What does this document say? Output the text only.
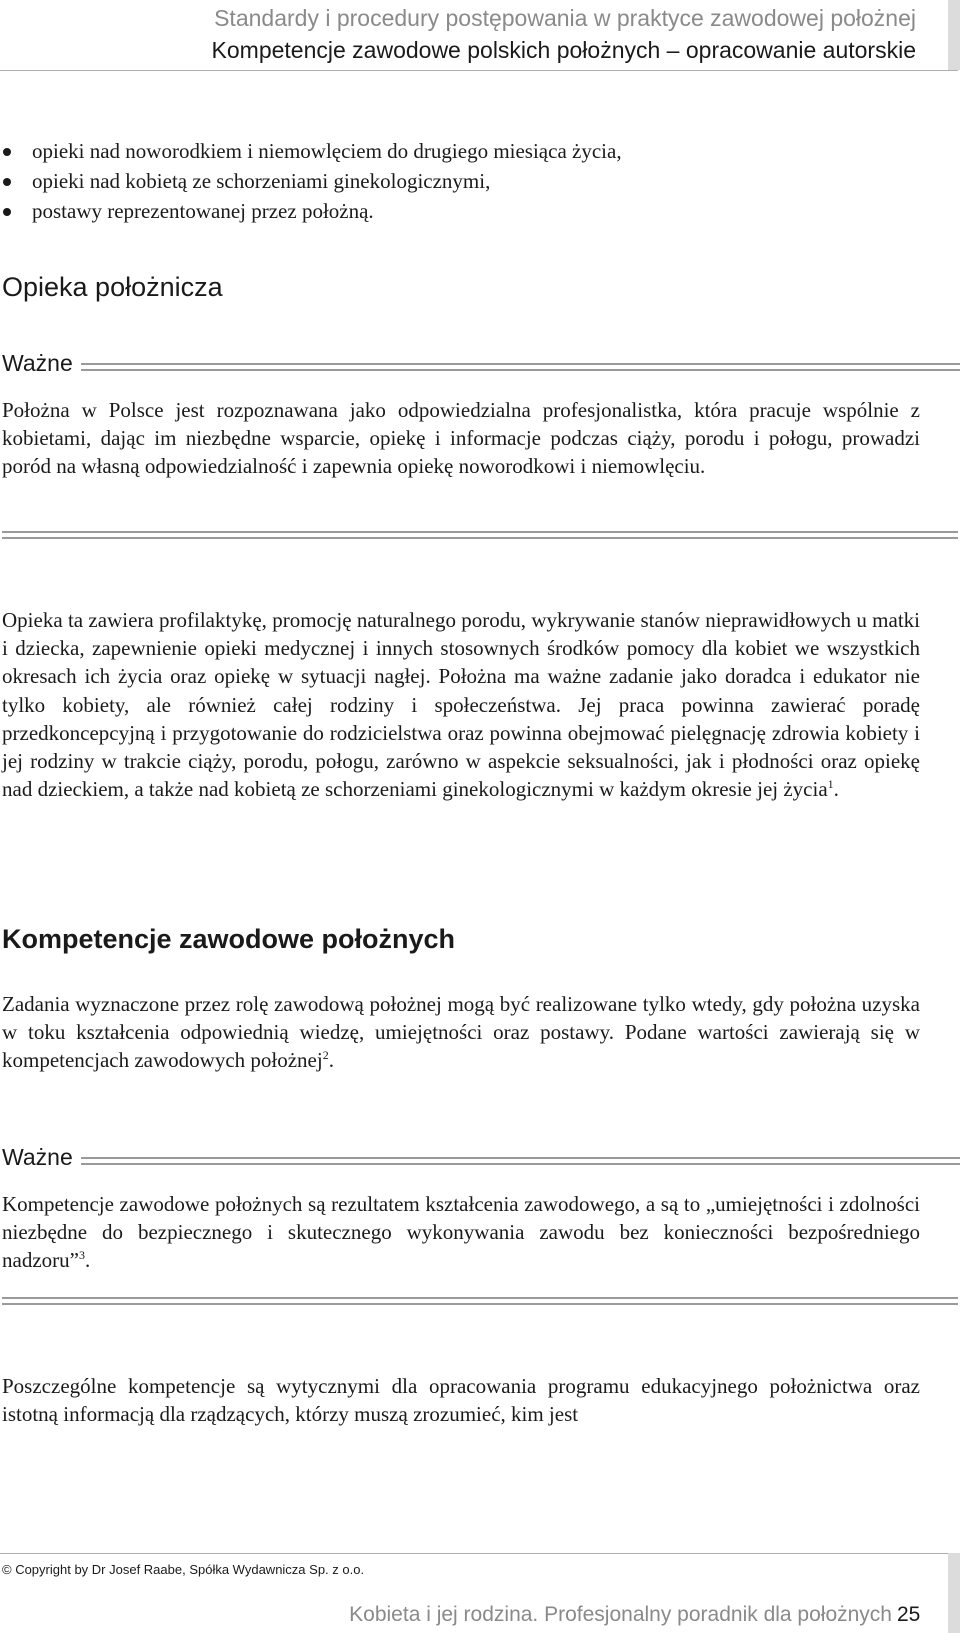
Standardy i procedury postępowania w praktyce zawodowej położnej
Kompetencje zawodowe polskich położnych – opracowanie autorskie
opieki nad noworodkiem i niemowlęciem do drugiego miesiąca życia,
opieki nad kobietą ze schorzeniami ginekologicznymi,
postawy reprezentowanej przez położną.
Opieka położnicza
Ważne

Położna w Polsce jest rozpoznawana jako odpowiedzialna profesjonalistka, która pracuje wspólnie z kobietami, dając im niezbędne wsparcie, opiekę i informacje podczas ciąży, porodu i połogu, prowadzi poród na własną odpowiedzialność i zapewnia opiekę noworodkowi i niemowlęciu.

Opieka ta zawiera profilaktykę, promocję naturalnego porodu, wykrywanie stanów nieprawidłowych u matki i dziecka, zapewnienie opieki medycznej i innych stosownych środków pomocy dla kobiet we wszystkich okresach ich życia oraz opiekę w sytuacji nagłej. Położna ma ważne zadanie jako doradca i edukator nie tylko kobiety, ale również całej rodziny i społeczeństwa. Jej praca powinna zawierać poradę przedkoncepcyjną i przygotowanie do rodzicielstwa oraz powinna obejmować pielęgnację zdrowia kobiety i jej rodziny w trakcie ciąży, porodu, połogu, zarówno w aspekcie seksualności, jak i płodności oraz opiekę nad dzieckiem, a także nad kobietą ze schorzeniami ginekologicznymi w każdym okresie jej życia$^1$.

Kompetencje zawodowe położnych

Zadania wyznaczone przez rolę zawodową położnej mogą być realizowane tylko wtedy, gdy położna uzyska w toku kształcenia odpowiednią wiedzę, umiejętności oraz postawy. Podane wartości zawierają się w kompetencjach zawodowych położnej$^2$.

Ważne

Kompetencje zawodowe położnych są rezultatem kształcenia zawodowego, a są to „umiejętności i zdolności niezbędne do bezpiecznego i skutecznego wykonywania zawodu bez konieczności bezpośredniego nadzoru”$^3$.

Poszczególne kompetencje są wytycznymi dla opracowania programu edukacyjnego położnictwa oraz istotną informacją dla rządzących, którzy muszą zrozumieć, kim jest

© Copyright by Dr Josef Raabe, Spółka Wydawnicza Sp. z o.o.
Kobieta i jej rodzina. Profesjonalny poradnik dla położnych 25
